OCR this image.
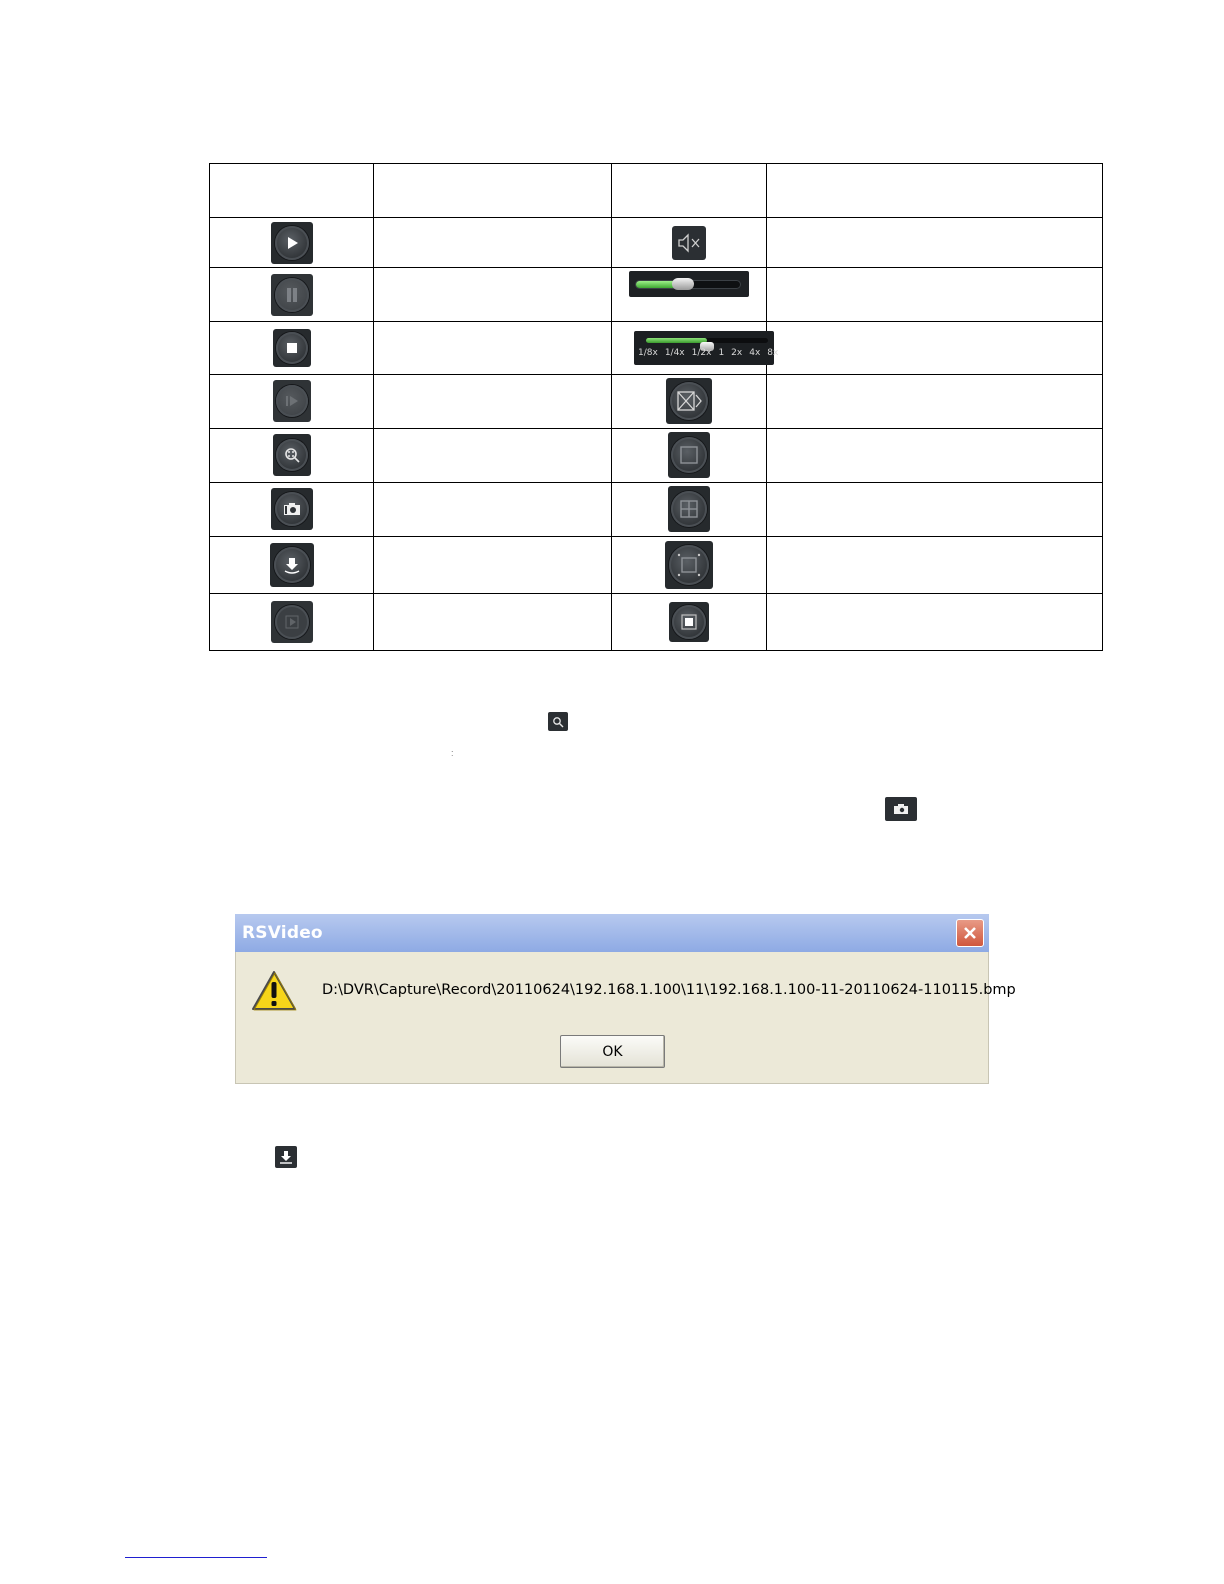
1/8x 1/4x 1/2x 1 2x 4x 8x	

:
RSVideo
D:\DVR\Capture\Record\20110624\192.168.1.100\11\192.168.1.100-11-20110624-110115.bmp
OK
